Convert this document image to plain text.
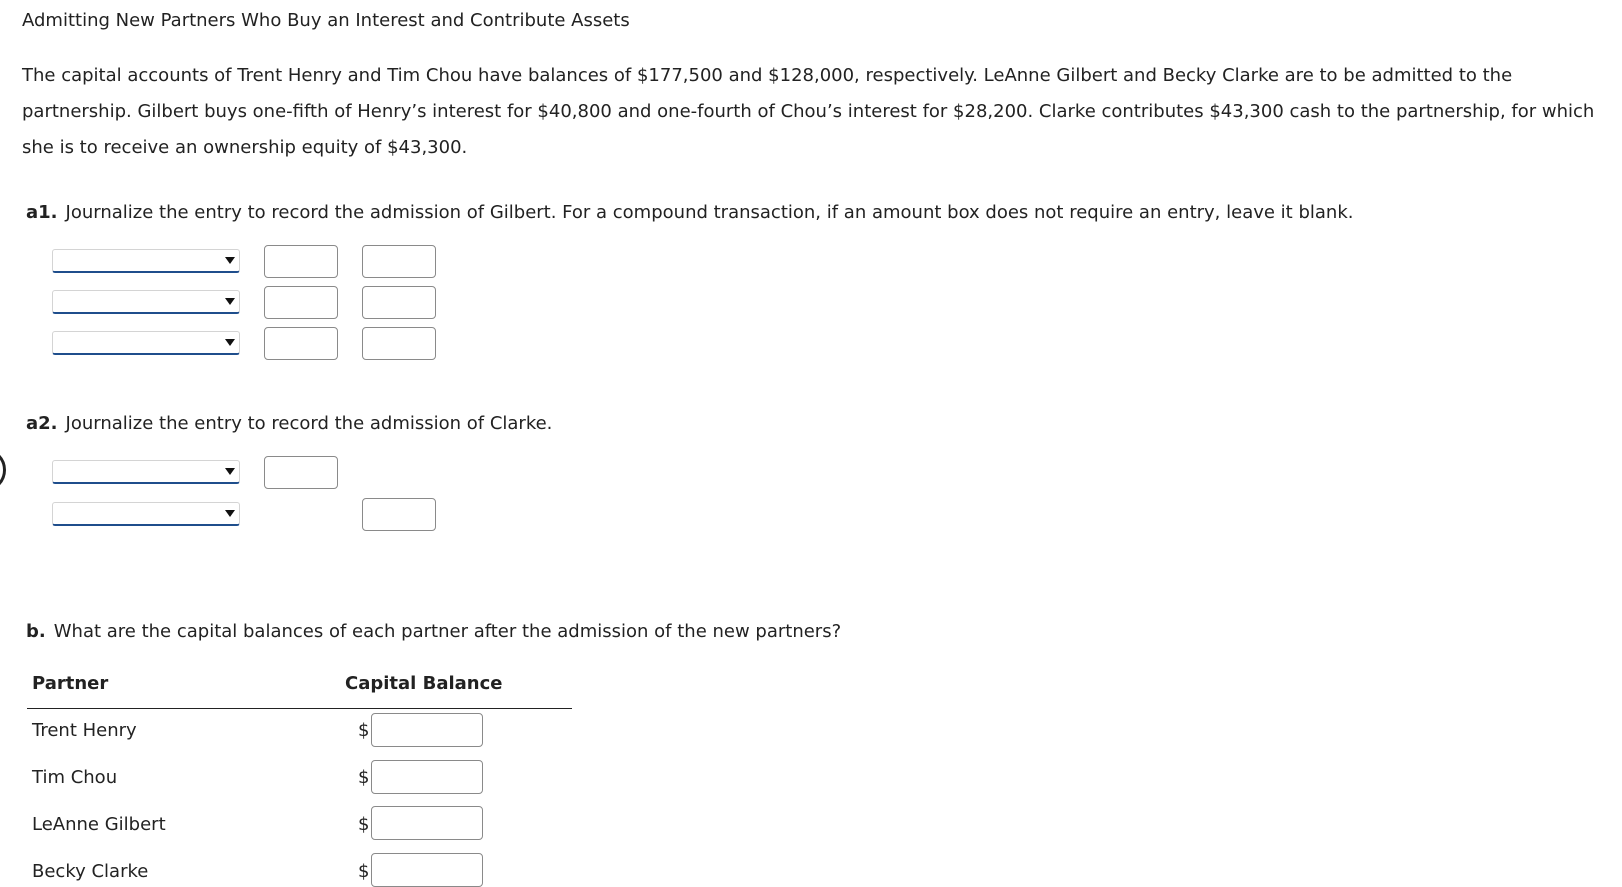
Admitting New Partners Who Buy an Interest and Contribute Assets
The capital accounts of Trent Henry and Tim Chou have balances of $177,500 and $128,000, respectively. LeAnne Gilbert and Becky Clarke are to be admitted to the partnership. Gilbert buys one-fifth of Henry’s interest for $40,800 and one-fourth of Chou’s interest for $28,200. Clarke contributes $43,300 cash to the partnership, for which she is to receive an ownership equity of $43,300.
a1. Journalize the entry to record the admission of Gilbert. For a compound transaction, if an amount box does not require an entry, leave it blank.
a2. Journalize the entry to record the admission of Clarke.
b. What are the capital balances of each partner after the admission of the new partners?
Partner	Capital Balance
Trent Henry	$
Tim Chou	$
LeAnne Gilbert	$
Becky Clarke	$
